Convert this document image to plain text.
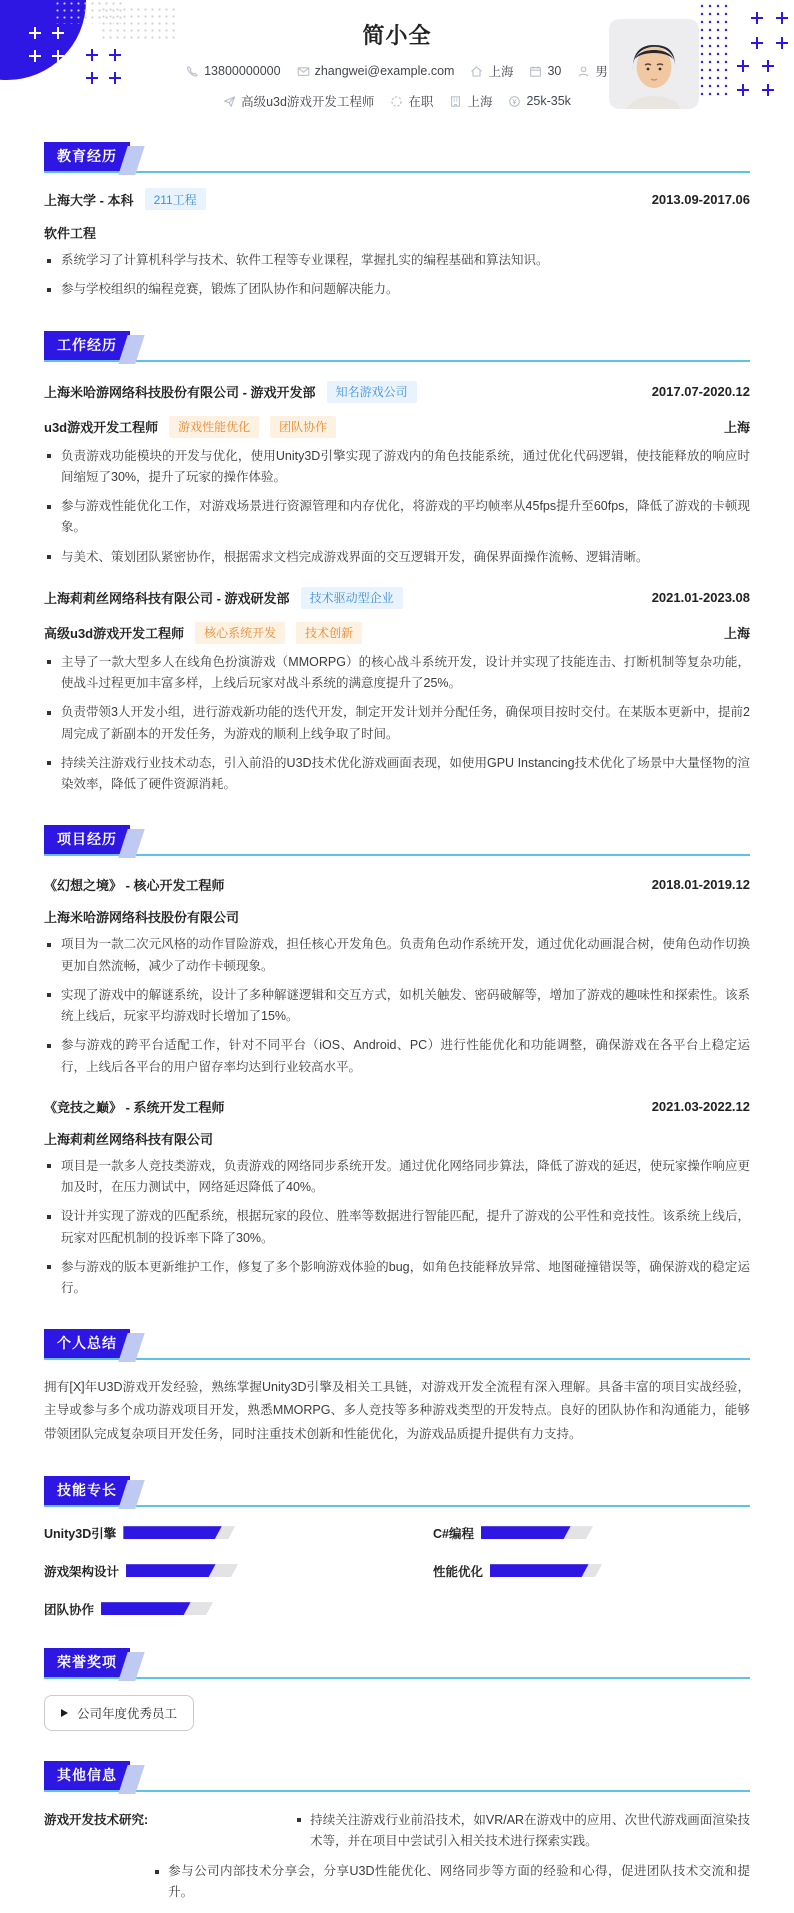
简小全
13800000000	zhangwei@example.com	上海	30	男
高级u3d游戏开发工程师	在职	上海	25k-35k
教育经历
上海大学 - 本科	211工程	2013.09-2017.06
软件工程
系统学习了计算机科学与技术、软件工程等专业课程，掌握扎实的编程基础和算法知识。
参与学校组织的编程竞赛，锻炼了团队协作和问题解决能力。
工作经历
上海米哈游网络科技股份有限公司 - 游戏开发部	知名游戏公司	2017.07-2020.12
u3d游戏开发工程师	游戏性能优化	团队协作	上海
负责游戏功能模块的开发与优化，使用Unity3D引擎实现了游戏内的角色技能系统，通过优化代码逻辑，使技能释放的响应时间缩短了30%，提升了玩家的操作体验。
参与游戏性能优化工作，对游戏场景进行资源管理和内存优化，将游戏的平均帧率从45fps提升至60fps，降低了游戏的卡顿现象。
与美术、策划团队紧密协作，根据需求文档完成游戏界面的交互逻辑开发，确保界面操作流畅、逻辑清晰。
上海莉莉丝网络科技有限公司 - 游戏研发部	技术驱动型企业	2021.01-2023.08
高级u3d游戏开发工程师	核心系统开发	技术创新	上海
主导了一款大型多人在线角色扮演游戏（MMORPG）的核心战斗系统开发，设计并实现了技能连击、打断机制等复杂功能，使战斗过程更加丰富多样，上线后玩家对战斗系统的满意度提升了25%。
负责带领3人开发小组，进行游戏新功能的迭代开发，制定开发计划并分配任务，确保项目按时交付。在某版本更新中，提前2周完成了新副本的开发任务，为游戏的顺利上线争取了时间。
持续关注游戏行业技术动态，引入前沿的U3D技术优化游戏画面表现，如使用GPU Instancing技术优化了场景中大量怪物的渲染效率，降低了硬件资源消耗。
项目经历
《幻想之境》 - 核心开发工程师	2018.01-2019.12
上海米哈游网络科技股份有限公司
项目为一款二次元风格的动作冒险游戏，担任核心开发角色。负责角色动作系统开发，通过优化动画混合树，使角色动作切换更加自然流畅，减少了动作卡顿现象。
实现了游戏中的解谜系统，设计了多种解谜逻辑和交互方式，如机关触发、密码破解等，增加了游戏的趣味性和探索性。该系统上线后，玩家平均游戏时长增加了15%。
参与游戏的跨平台适配工作，针对不同平台（iOS、Android、PC）进行性能优化和功能调整，确保游戏在各平台上稳定运行，上线后各平台的用户留存率均达到行业较高水平。
《竞技之巅》 - 系统开发工程师	2021.03-2022.12
上海莉莉丝网络科技有限公司
项目是一款多人竞技类游戏，负责游戏的网络同步系统开发。通过优化网络同步算法，降低了游戏的延迟，使玩家操作响应更加及时，在压力测试中，网络延迟降低了40%。
设计并实现了游戏的匹配系统，根据玩家的段位、胜率等数据进行智能匹配，提升了游戏的公平性和竞技性。该系统上线后，玩家对匹配机制的投诉率下降了30%。
参与游戏的版本更新维护工作，修复了多个影响游戏体验的bug，如角色技能释放异常、地图碰撞错误等，确保游戏的稳定运行。
个人总结

拥有[X]年U3D游戏开发经验，熟练掌握Unity3D引擎及相关工具链，对游戏开发全流程有深入理解。具备丰富的项目实战经验，主导或参与多个成功游戏项目开发，熟悉MMORPG、多人竞技等多种游戏类型的开发特点。良好的团队协作和沟通能力，能够带领团队完成复杂项目开发任务，同时注重技术创新和性能优化，为游戏品质提升提供有力支持。

技能专长
Unity3D引擎	C#编程
游戏架构设计	性能优化
团队协作
荣誉奖项
公司年度优秀员工
其他信息
游戏开发技术研究:	持续关注游戏行业前沿技术，如VR/AR在游戏中的应用、次世代游戏画面渲染技术等，并在项目中尝试引入相关技术进行探索实践。
参与公司内部技术分享会，分享U3D性能优化、网络同步等方面的经验和心得，促进团队技术交流和提升。
